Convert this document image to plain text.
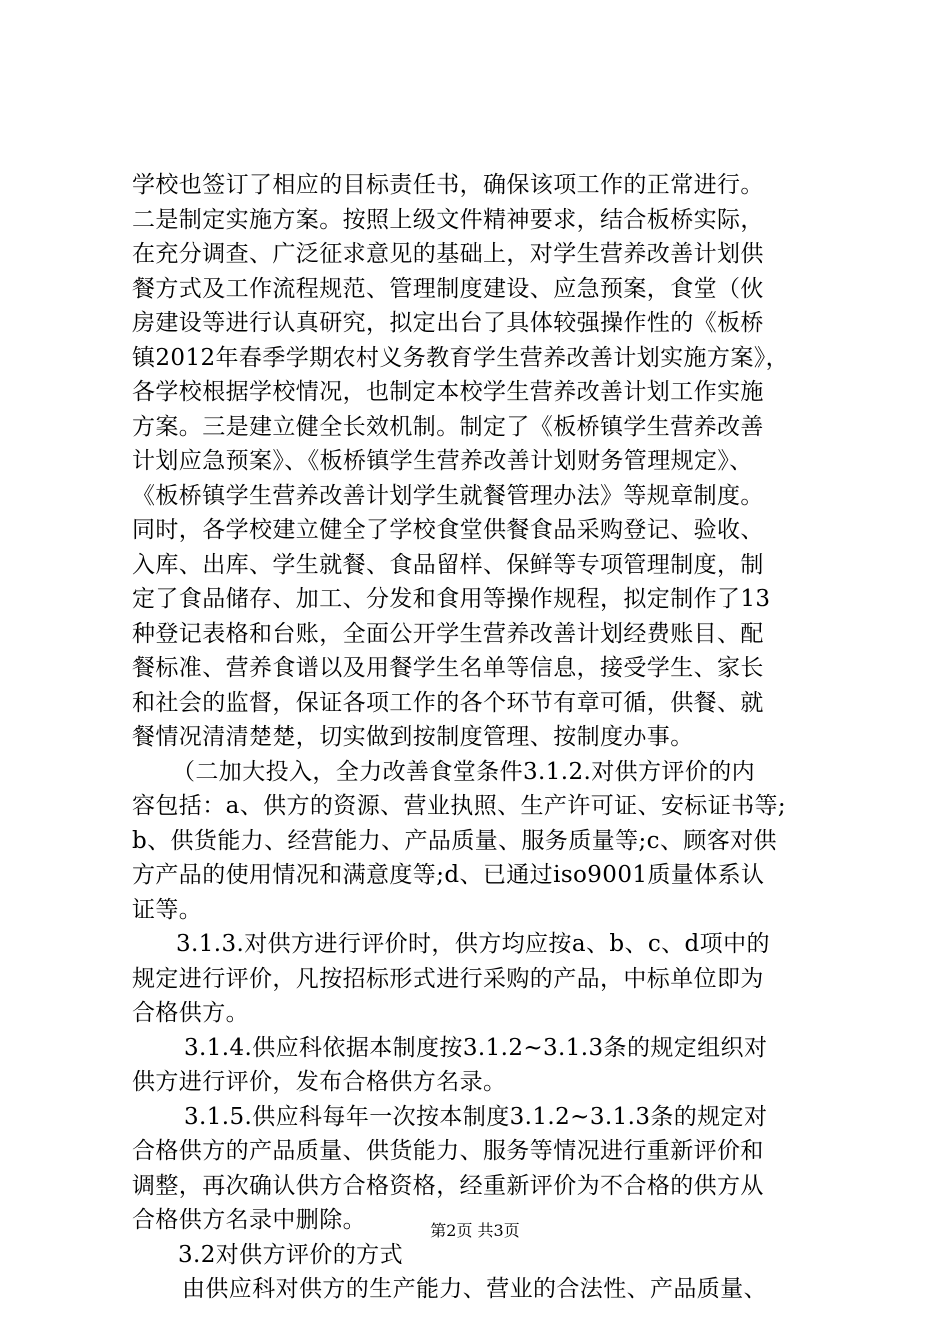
学校也签订了相应的目标责任书，确保该项工作的正常进行。
二是制定实施方案。按照上级文件精神要求，结合板桥实际，
在充分调查、广泛征求意见的基础上，对学生营养改善计划供
餐方式及工作流程规范、管理制度建设、应急预案，食堂（伙
房建设等进行认真研究，拟定出台了具体较强操作性的《板桥
镇2012年春季学期农村义务教育学生营养改善计划实施方案》，
各学校根据学校情况，也制定本校学生营养改善计划工作实施
方案。三是建立健全长效机制。制定了《板桥镇学生营养改善
计划应急预案》、《板桥镇学生营养改善计划财务管理规定》、
《板桥镇学生营养改善计划学生就餐管理办法》等规章制度。
同时，各学校建立健全了学校食堂供餐食品采购登记、验收、
入库、出库、学生就餐、食品留样、保鲜等专项管理制度，制
定了食品储存、加工、分发和食用等操作规程，拟定制作了13
种登记表格和台账，全面公开学生营养改善计划经费账目、配
餐标准、营养食谱以及用餐学生名单等信息，接受学生、家长
和社会的监督，保证各项工作的各个环节有章可循，供餐、就
餐情况清清楚楚，切实做到按制度管理、按制度办事。
（二加大投入，全力改善食堂条件3.1.2.对供方评价的内
容包括：a、供方的资源、营业执照、生产许可证、安标证书等;
b、供货能力、经营能力、产品质量、服务质量等;c、顾客对供
方产品的使用情况和满意度等;d、已通过iso9001质量体系认
证等。
3.1.3.对供方进行评价时，供方均应按a、b、c、d项中的
规定进行评价，凡按招标形式进行采购的产品，中标单位即为
合格供方。
3.1.4.供应科依据本制度按3.1.2~3.1.3条的规定组织对
供方进行评价，发布合格供方名录。
3.1.5.供应科每年一次按本制度3.1.2~3.1.3条的规定对
合格供方的产品质量、供货能力、服务等情况进行重新评价和
调整，再次确认供方合格资格，经重新评价为不合格的供方从
合格供方名录中删除。
3.2对供方评价的方式
由供应科对供方的生产能力、营业的合法性、产品质量、
第2页 共3页
